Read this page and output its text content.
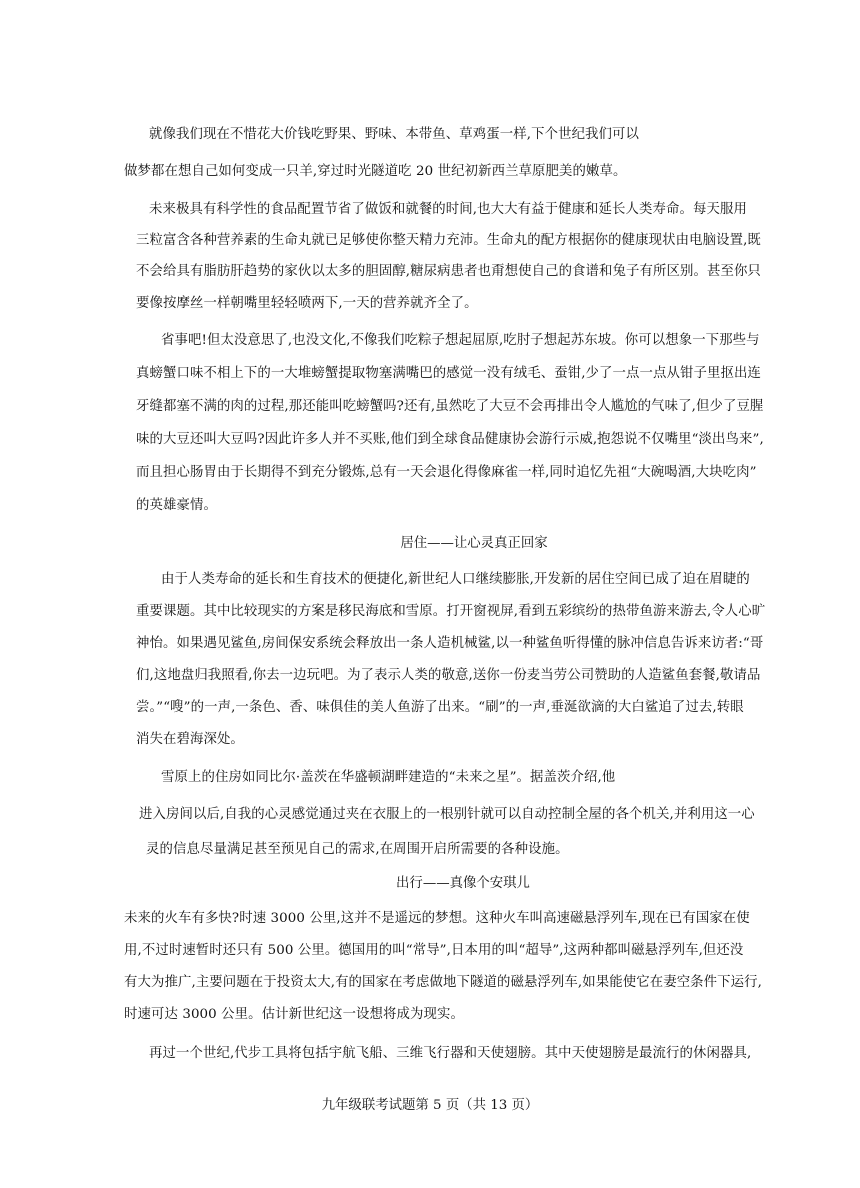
就像我们现在不惜花大价钱吃野果、野味、本带鱼、草鸡蛋一样,下个世纪我们可以
做梦都在想自己如何变成一只羊,穿过时光隧道吃 20 世纪初新西兰草原肥美的嫩草。
未来极具有科学性的食品配置节省了做饭和就餐的时间,也大大有益于健康和延长人类寿命。每天服用
三粒富含各种营养素的生命丸就已足够使你整天精力充沛。生命丸的配方根据你的健康现状由电脑设置,既
不会给具有脂肪肝趋势的家伙以太多的胆固醇,糖尿病患者也甭想使自己的食谱和兔子有所区别。甚至你只
要像按摩丝一样朝嘴里轻轻喷两下,一天的营养就齐全了。
省事吧!但太没意思了,也没文化,不像我们吃粽子想起屈原,吃肘子想起苏东坡。你可以想象一下那些与
真螃蟹口味不相上下的一大堆螃蟹提取物塞满嘴巴的感觉一没有绒毛、蚕钳,少了一点一点从钳子里抠出连
牙缝都塞不满的肉的过程,那还能叫吃螃蟹吗?还有,虽然吃了大豆不会再排出令人尴尬的气味了,但少了豆腥
味的大豆还叫大豆吗?因此许多人并不买账,他们到全球食品健康协会游行示威,抱怨说不仅嘴里“淡出鸟来”,
而且担心肠胃由于长期得不到充分锻炼,总有一天会退化得像麻雀一样,同时追忆先祖“大碗喝酒,大块吃肉”
的英雄豪情。
居住——让心灵真正回家
由于人类寿命的延长和生育技术的便捷化,新世纪人口继续膨胀,开发新的居住空间已成了迫在眉睫的
重要课题。其中比较现实的方案是移民海底和雪原。打开窗视屏,看到五彩缤纷的热带鱼游来游去,令人心旷
神怡。如果遇见鲨鱼,房间保安系统会释放出一条人造机械鲨,以一种鲨鱼听得懂的脉冲信息告诉来访者:“哥
们,这地盘归我照看,你去一边玩吧。为了表示人类的敬意,送你一份麦当劳公司赞助的人造鲨鱼套餐,敬请品
尝。”“嗖”的一声,一条色、香、味俱佳的美人鱼游了出来。“刷”的一声,垂涎欲滴的大白鲨追了过去,转眼
消失在碧海深处。
雪原上的住房如同比尔·盖茨在华盛顿湖畔建造的“未来之星”。据盖茨介绍,他
进入房间以后,自我的心灵感觉通过夹在衣服上的一根别针就可以自动控制全屋的各个机关,并利用这一心
灵的信息尽量满足甚至预见自己的需求,在周围开启所需要的各种设施。
出行——真像个安琪儿
未来的火车有多快?时速 3000 公里,这并不是遥远的梦想。这种火车叫高速磁悬浮列车,现在已有国家在使
用,不过时速暂时还只有 500 公里。德国用的叫“常导”,日本用的叫“超导”,这两种都叫磁悬浮列车,但还没
有大为推广,主要问题在于投资太大,有的国家在考虑做地下隧道的磁悬浮列车,如果能使它在妻空条件下运行,
时速可达 3000 公里。估计新世纪这一设想将成为现实。
再过一个世纪,代步工具将包括宇航飞船、三维飞行器和天使翅膀。其中天使翅膀是最流行的休闲器具,
九年级联考试题第 5 页（共 13 页）
